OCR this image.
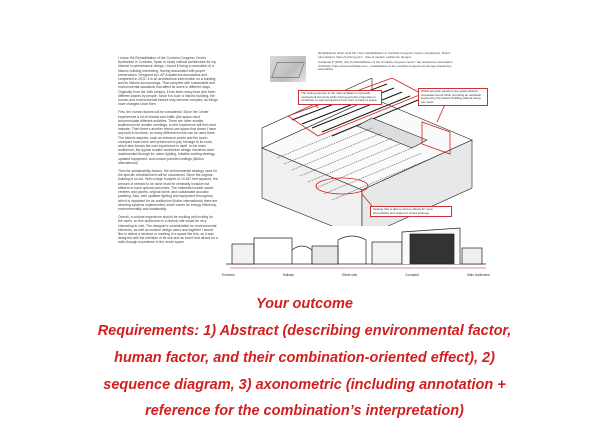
I chose the Rehabilitation of the Cordoba Congress Center Auditorium in Cordoba, Spain to study cultural architecture for my interest in performance design. I found it being a renovation of a historic building interesting. Having associated with proper preservation. Designed by LAP Arquitectos Associados and completed in 2022, it is an architectural intervention on a building and its historic surroundings. That complies with sustainable and environmental standards that affect its users in different ways. Originally from the 16th century, it has been many lives and been different places by people. Since it is such a historic building, the human and environmental factors may become complex, as things have changed since then.

First, the human factors will be considered. Since the Center experiences a lot of crowds and traffic (the space must accommodate different activities. There are other smaller auditoriums for smaller meetings, so the experience will feel more intimate. Then there's another mixed-use space that doesn't have any built-in furniture, so many different events can be used there. The historic aspects, such as entrance points and the iconic courtyard have been well preserved to pay homage to its roots, which also boosts the user experience in itself. In the main auditorium, the typical modern auditorium design elements were implemented through its: warm lighting, foldable seating strategy, updated equipment, and custom paneled ceilings (Illution international).

Then for sustainability factors, the environmental strategy used for the specific refurbishment will be considered. Since the original building is so old. With a large footprint of 10,467 feet squared, the amount of needed to be done must be minimally invasive but efficient to have optimal outcomes. The materials include saved veneers and panels, original stone, and sustainable acoustic paneling. Also, with updated lighting and equipment throughout, which is important for an auditorium Illution international) there are dimming systems implemented, which saves for energy efficiency, environmentally and sustainably.

Overall, a cultural experience should be exciting and inviting for the users, so this auditorium is a historic site would be very interesting to visit. The designer's consideration for environmental elements, as well as modern design users and together I would like to attend a seminar or meeting in a space like this, as it was designed with the intention of its use and an event that allows for a walk-through experience in the whole space.

Rehabilitation 2022, April 6th | Ariq. Rehabilitation of Cordoba Congress Center | Arquitectos. Illution International. https://i.pinimg.com/ - files of modern auditorium designs

Cardenas P (2022, July 8) Rehabilitation of the Cordoba congress center / lap arquitectos associados. ArchDaily. https://www.archdaily.com/ - rehabilitation-of-the-cordoba-congress-center-lap-arquitectos-associados

The ceiling element in the main auditorium conceals mechanical elements while having acoustic properties to contribute to sound projection from front to back of space.
Whilst acoustic panels in the space absorb unneeded sound while providing an aesthetic inspired by the historic building without being too much.
Seating that is able to fold up allows for more accessibility and space for crowd seatings.
Entrance	Hallway	Street side	Courtyard	Main Auditorium
Your outcome
Requirements: 1) Abstract (describing environmental factor,
human factor, and their combination-oriented effect), 2)
sequence diagram, 3) axonometric (including annotation +
reference for the combination’s interpretation)
